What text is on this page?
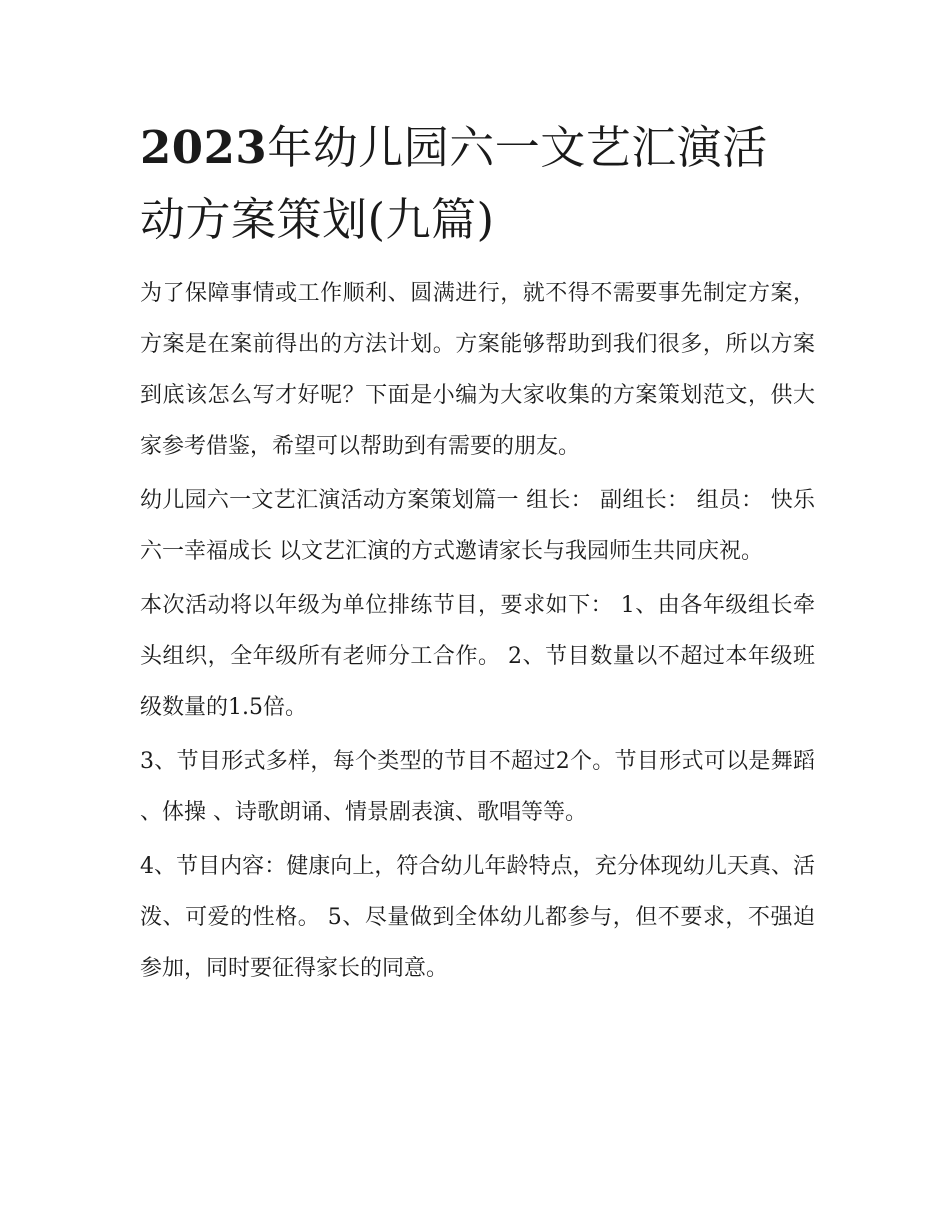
2023年幼儿园六一文艺汇演活
动方案策划(九篇)

为了保障事情或工作顺利、圆满进行，就不得不需要事先制定方案，方案是在案前得出的方法计划。方案能够帮助到我们很多，所以方案到底该怎么写才好呢？下面是小编为大家收集的方案策划范文，供大家参考借鉴，希望可以帮助到有需要的朋友。

幼儿园六一文艺汇演活动方案策划篇一 组长： 副组长： 组员： 快乐六一幸福成长 以文艺汇演的方式邀请家长与我园师生共同庆祝。

本次活动将以年级为单位排练节目，要求如下： 1、由各年级组长牵头组织，全年级所有老师分工合作。 2、节目数量以不超过本年级班级数量的1.5倍。

3、节目形式多样，每个类型的节目不超过2个。节目形式可以是舞蹈 、体操 、诗歌朗诵、情景剧表演、歌唱等等。

4、节目内容：健康向上，符合幼儿年龄特点，充分体现幼儿天真、活泼、可爱的性格。 5、尽量做到全体幼儿都参与，但不要求，不强迫参加，同时要征得家长的同意。
